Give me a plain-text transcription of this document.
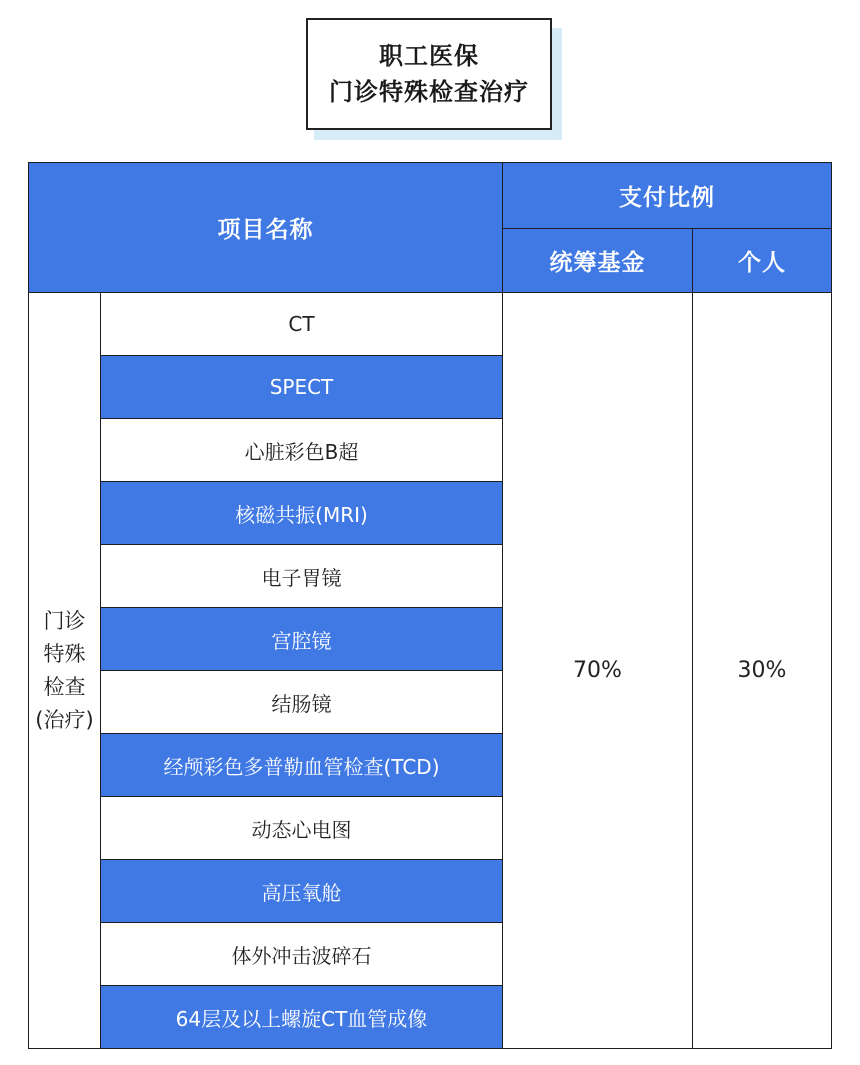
职工医保
门诊特殊检查治疗
项目名称		支付比例	
		统筹基金	个人

门诊
特殊
检查
(治疗)	CT	70%	30%
	SPECT		
	心脏彩色B超		
	核磁共振(MRI)		
	电子胃镜		
	宫腔镜		
	结肠镜		
	经颅彩色多普勒血管检查(TCD)		
	动态心电图		
	高压氧舱		
	体外冲击波碎石		
	64层及以上螺旋CT血管成像		
